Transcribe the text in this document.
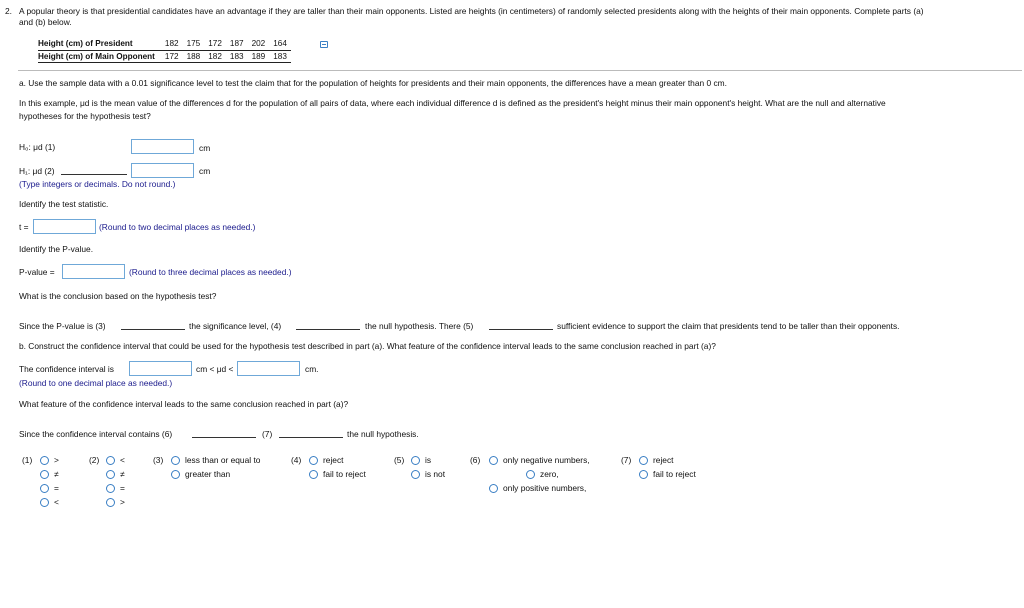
2. A popular theory is that presidential candidates have an advantage if they are taller than their main opponents. Listed are heights (in centimeters) of randomly selected presidents along with the heights of their main opponents. Complete parts (a)
and (b) below.
Height (cm) of President	182	175	172	187	202	164
Height (cm) of Main Opponent	172	188	182	183	189	183
a. Use the sample data with a 0.01 significance level to test the claim that for the population of heights for presidents and their main opponents, the differences have a mean greater than 0 cm.
In this example, μd is the mean value of the differences d for the population of all pairs of data, where each individual difference d is defined as the president's height minus their main opponent's height. What are the null and alternative
hypotheses for the hypothesis test?
H₀: μd (1)	cm
H₁: μd (2)	cm
(Type integers or decimals. Do not round.)
Identify the test statistic.
t =	(Round to two decimal places as needed.)
Identify the P-value.
P-value =	(Round to three decimal places as needed.)
What is the conclusion based on the hypothesis test?
Since the P-value is (3)	the significance level, (4)	the null hypothesis. There (5)	sufficient evidence to support the claim that presidents tend to be taller than their opponents.
b. Construct the confidence interval that could be used for the hypothesis test described in part (a). What feature of the confidence interval leads to the same conclusion reached in part (a)?
The confidence interval is	cm < μd <	cm.
(Round to one decimal place as needed.)
What feature of the confidence interval leads to the same conclusion reached in part (a)?
Since the confidence interval contains (6)	(7)	the null hypothesis.
(1)	>
≠
=
<
(2)	<
≠
=
>
(3)	less than or equal to
greater than
(4)	reject
fail to reject
(5)	is
is not
(6)	only negative numbers,
zero,
only positive numbers,
(7)	reject
fail to reject
